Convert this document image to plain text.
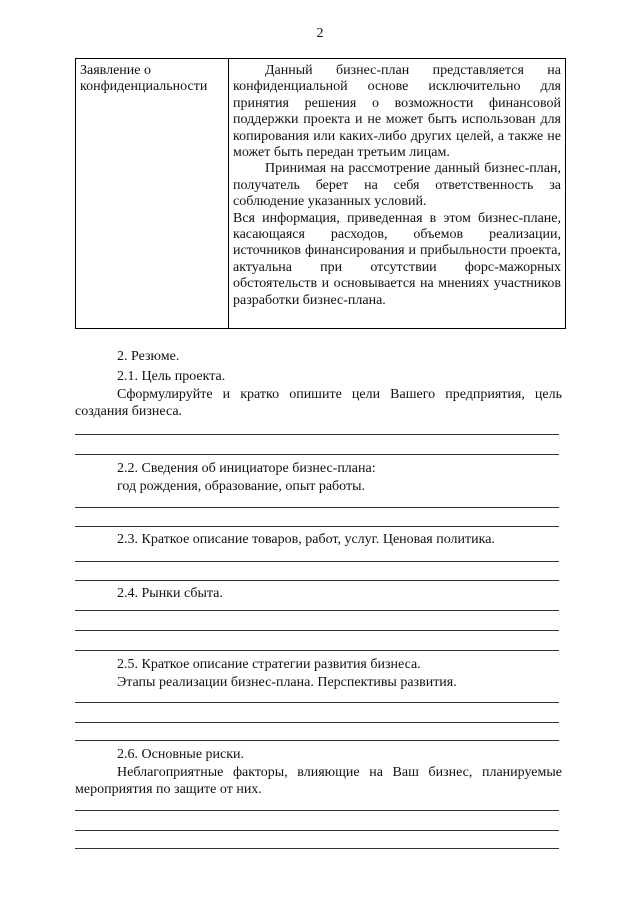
2
Заявление о конфиденциальности	

Данный бизнес-план представляется на конфиденциальной основе исключительно для принятия решения о возможности финансовой поддержки проекта и не может быть использован для копирования или каких-либо других целей, а также не может быть передан третьим лицам.

Принимая на рассмотрение данный бизнес-план, получатель берет на себя ответственность за соблюдение указанных условий.

Вся информация, приведенная в этом бизнес-плане, касающаяся расходов, объемов реализации, источников финансирования и прибыльности проекта, актуальна при отсутствии форс-мажорных обстоятельств и основывается на мнениях участников разработки бизнес-плана.

2. Резюме.
2.1. Цель проекта.
Сформулируйте и кратко опишите цели Вашего предприятия, цель создания бизнеса.
2.2. Сведения об инициаторе бизнес-плана:
год рождения, образование, опыт работы.
2.3. Краткое описание товаров, работ, услуг. Ценовая политика.
2.4. Рынки сбыта.
2.5. Краткое описание стратегии развития бизнеса.
Этапы реализации бизнес-плана. Перспективы развития.
2.6. Основные риски.
Неблагоприятные факторы, влияющие на Ваш бизнес, планируемые мероприятия по защите от них.
